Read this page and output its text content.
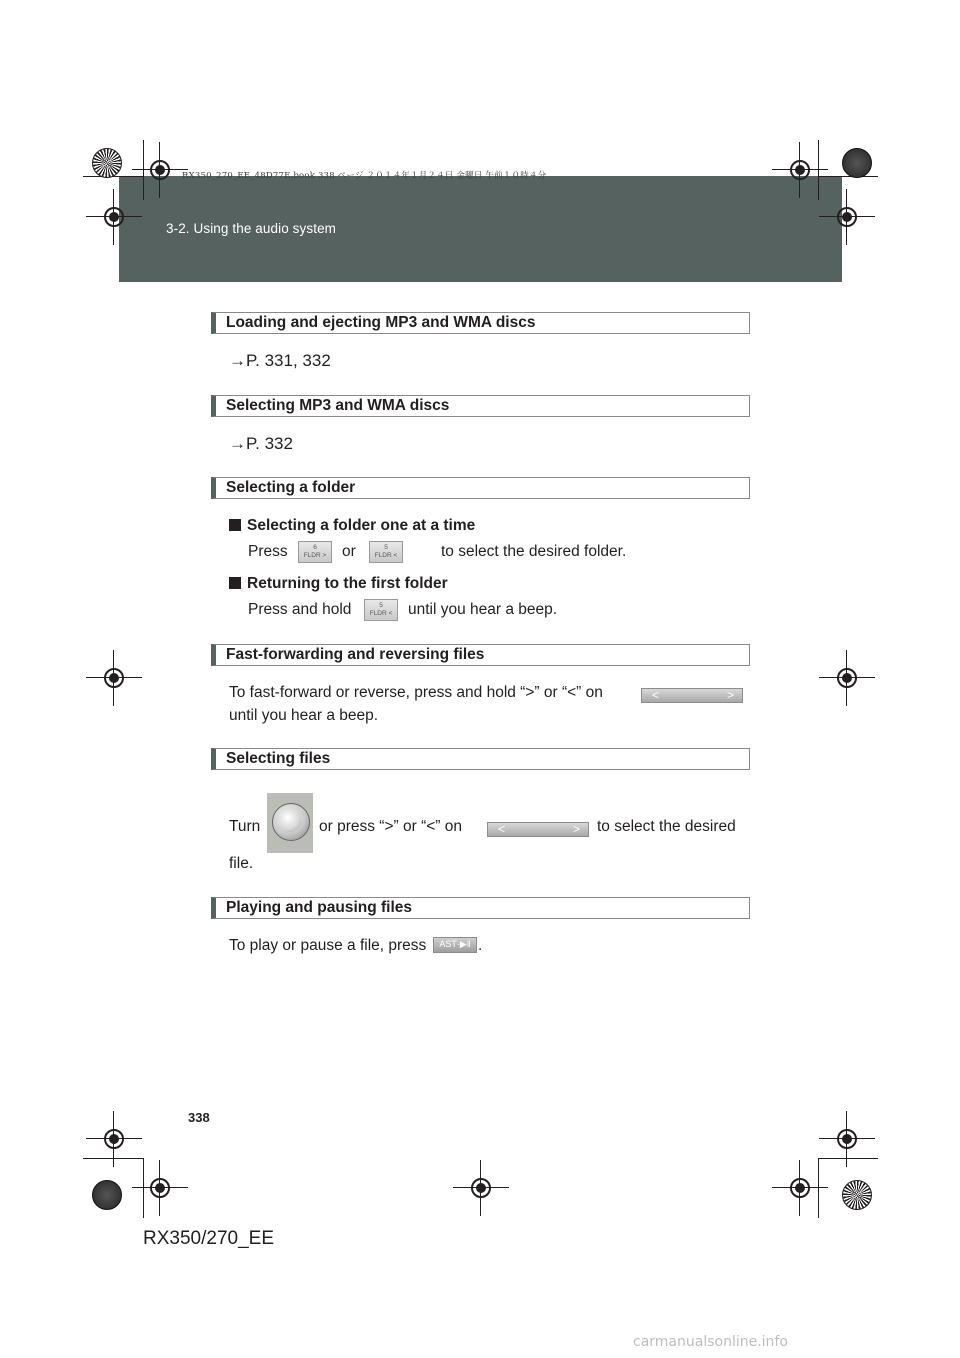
3-2. Using the audio system
RX350_270_EE_48D77E.book 338 ページ ２０１４年１月２４日 金曜日 午前１０時４分
Loading and ejecting MP3 and WMA discs
→P. 331, 332
Selecting MP3 and WMA discs
→P. 332
Selecting a folder
Selecting a folder one at a time
Press	6
FLDR >	or	5
FLDR <	to select the desired folder.
Returning to the first folder
Press and hold	5
FLDR <	until you hear a beep.
Fast-forwarding and reversing files
To fast-forward or reverse, press and hold “>” or “<” on	<	>
until you hear a beep.
Selecting files
Turn	or press “>” or “<” on	<	> to select the desired
file.
Playing and pausing files
To play or pause a file, press	AST·▶‖ .
338
RX350/270_EE
carmanualsonline.info
